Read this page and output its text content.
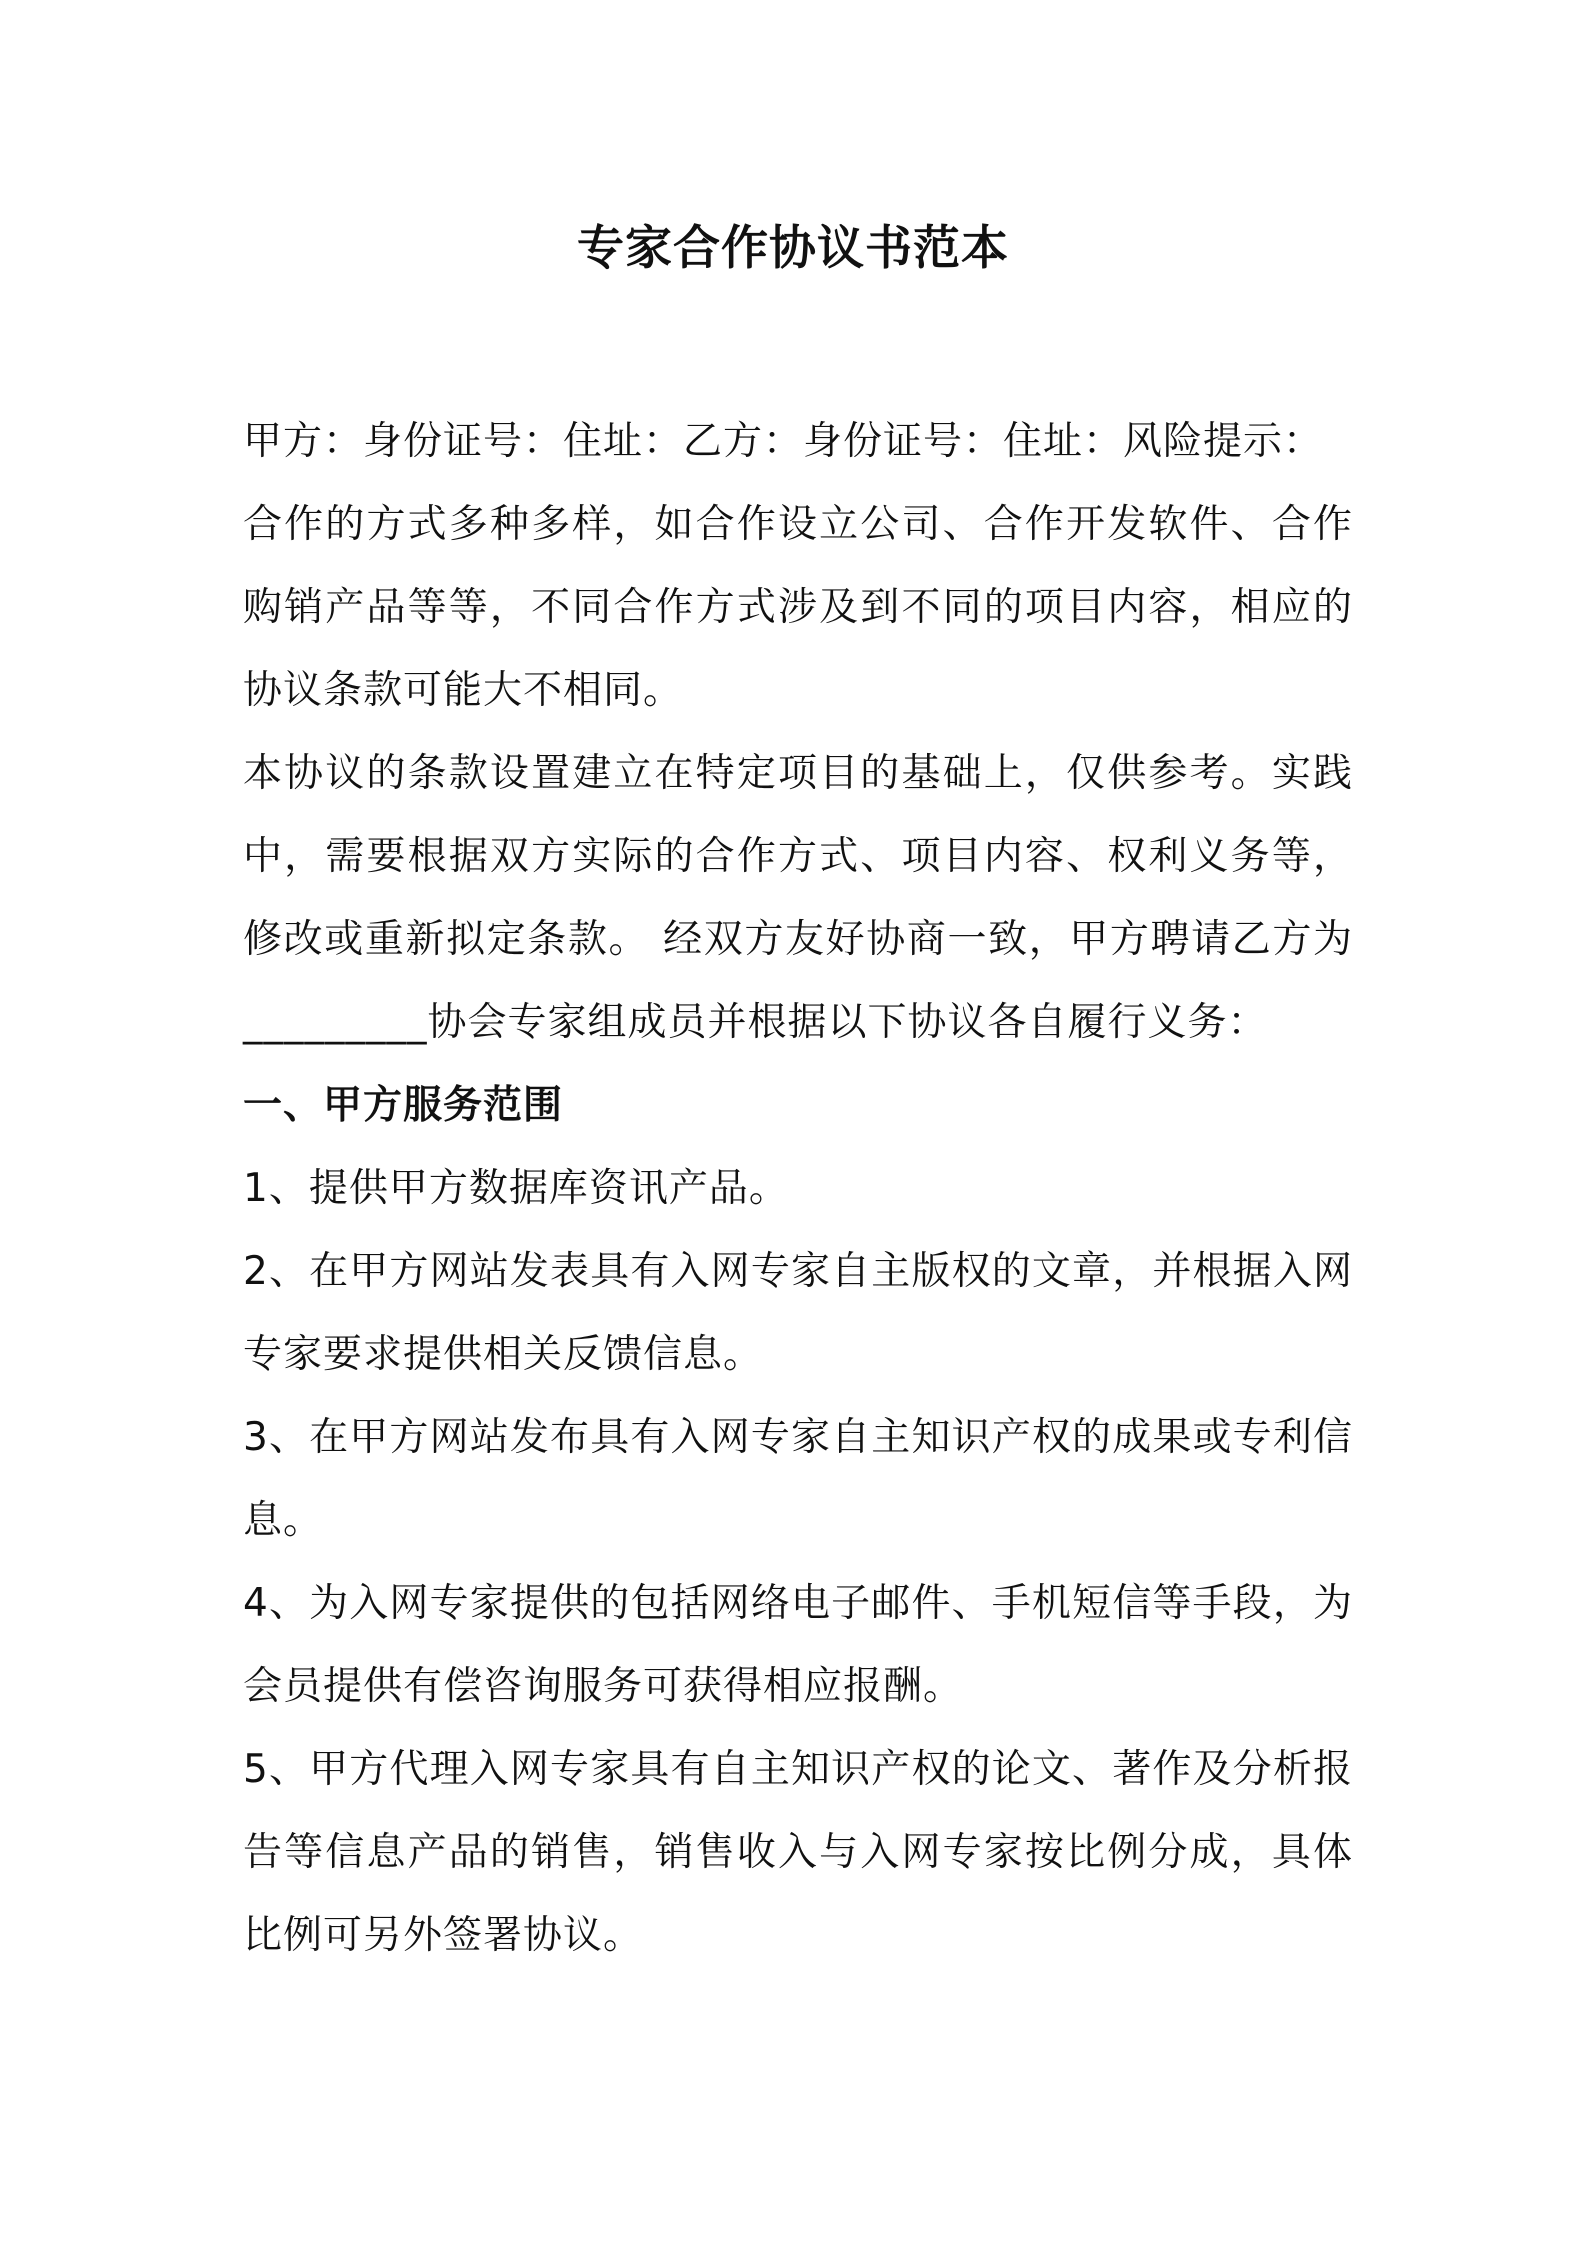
专家合作协议书范本

甲方：身份证号：住址：乙方：身份证号：住址：风险提示：

合作的方式多种多样，如合作设立公司、合作开发软件、合作购销产品等等，不同合作方式涉及到不同的项目内容，相应的协议条款可能大不相同。

本协议的条款设置建立在特定项目的基础上，仅供参考。实践中，需要根据双方实际的合作方式、项目内容、权利义务等，修改或重新拟定条款。 经双方友好协商一致，甲方聘请乙方为_________协会专家组成员并根据以下协议各自履行义务：

一、甲方服务范围

1、提供甲方数据库资讯产品。

2、在甲方网站发表具有入网专家自主版权的文章，并根据入网专家要求提供相关反馈信息。

3、在甲方网站发布具有入网专家自主知识产权的成果或专利信息。

4、为入网专家提供的包括网络电子邮件、手机短信等手段，为会员提供有偿咨询服务可获得相应报酬。

5、甲方代理入网专家具有自主知识产权的论文、著作及分析报告等信息产品的销售，销售收入与入网专家按比例分成，具体比例可另外签署协议。
